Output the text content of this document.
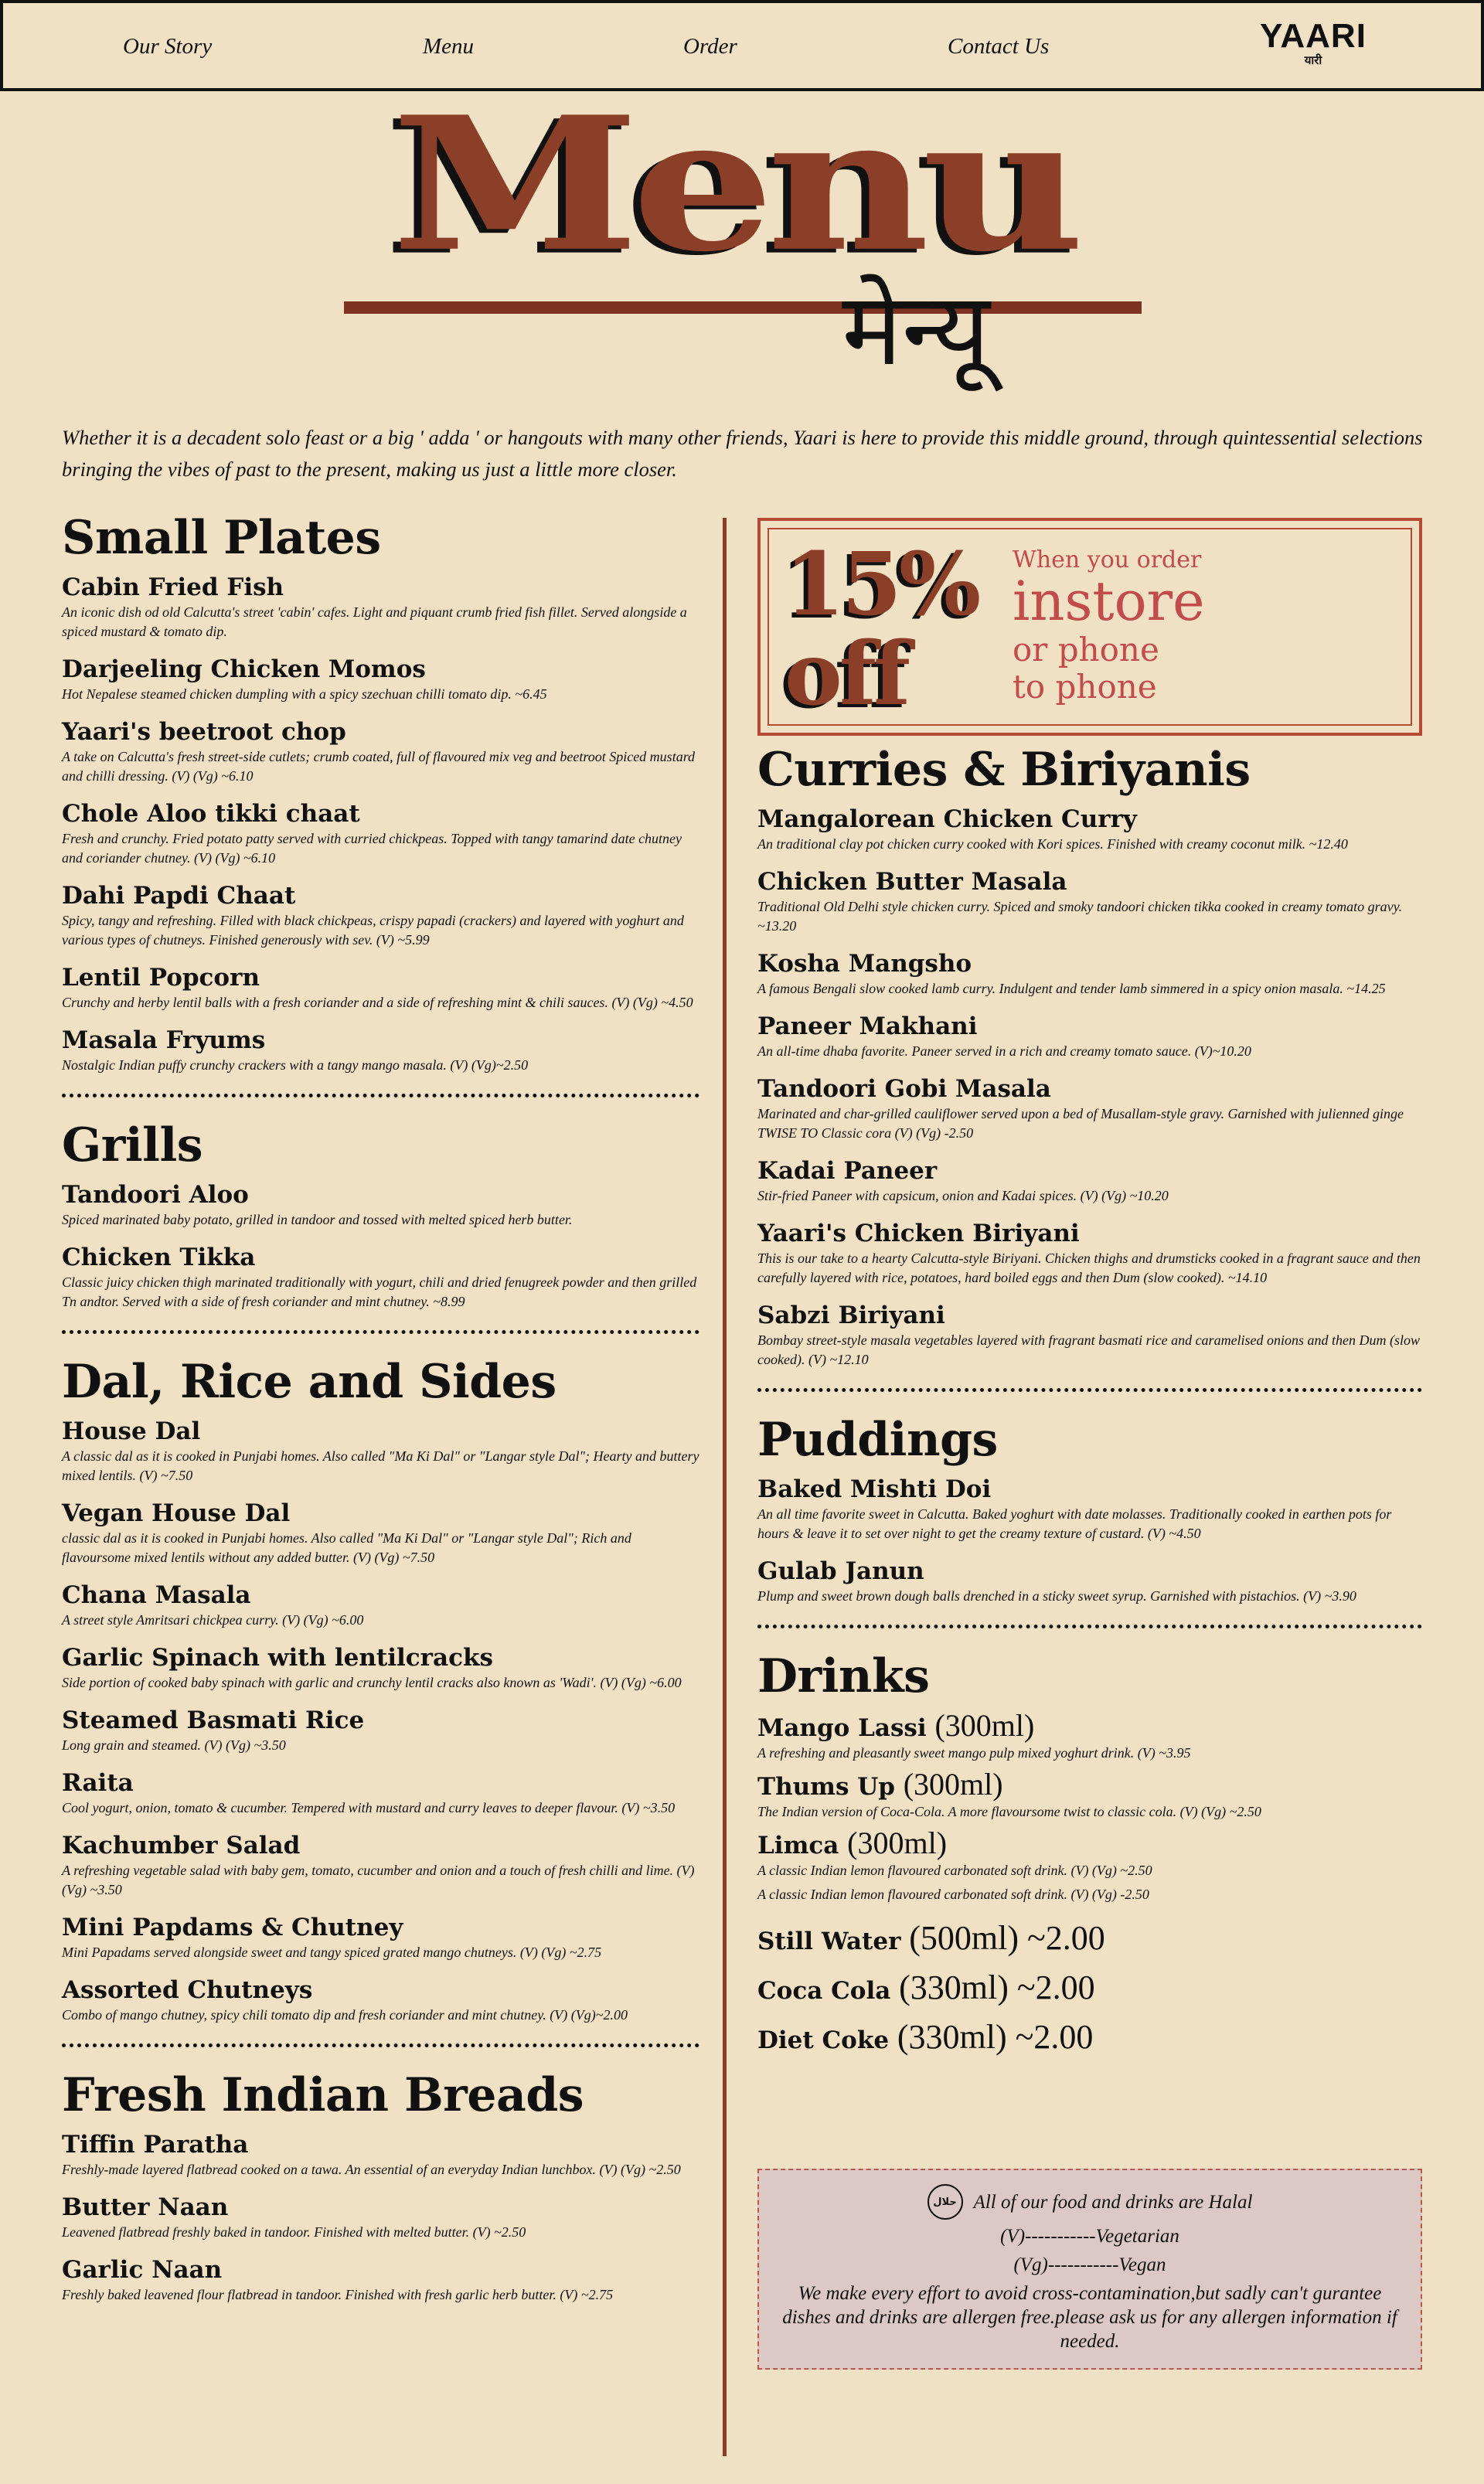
Our Story	Menu	Order	Contact Us	YAARI
यारी
Menu
मेन्यू
Whether it is a decadent solo feast or a big ' adda ' or hangouts with many other friends, Yaari is here to provide this middle ground, through quintessential selections bringing the vibes of past to the present, making us just a little more closer.
Small Plates
Cabin Fried Fish
An iconic dish od old Calcutta's street 'cabin' cafes. Light and piquant crumb fried fish fillet. Served alongside a spiced mustard & tomato dip.
Darjeeling Chicken Momos
Hot Nepalese steamed chicken dumpling with a spicy szechuan chilli tomato dip. ~6.45
Yaari's beetroot chop
A take on Calcutta's fresh street-side cutlets; crumb coated, full of flavoured mix veg and beetroot Spiced mustard and chilli dressing. (V) (Vg) ~6.10
Chole Aloo tikki chaat
Fresh and crunchy. Fried potato patty served with curried chickpeas. Topped with tangy tamarind date chutney and coriander chutney. (V) (Vg) ~6.10
Dahi Papdi Chaat
Spicy, tangy and refreshing. Filled with black chickpeas, crispy papadi (crackers) and layered with yoghurt and various types of chutneys. Finished generously with sev. (V) ~5.99
Lentil Popcorn
Crunchy and herby lentil balls with a fresh coriander and a side of refreshing mint & chili sauces. (V) (Vg) ~4.50
Masala Fryums
Nostalgic Indian puffy crunchy crackers with a tangy mango masala. (V) (Vg)~2.50
Grills
Tandoori Aloo
Spiced marinated baby potato, grilled in tandoor and tossed with melted spiced herb butter.
Chicken Tikka
Classic juicy chicken thigh marinated traditionally with yogurt, chili and dried fenugreek powder and then grilled Tn andtor. Served with a side of fresh coriander and mint chutney. ~8.99
Dal, Rice and Sides
House Dal
A classic dal as it is cooked in Punjabi homes. Also called "Ma Ki Dal" or "Langar style Dal"; Hearty and buttery mixed lentils. (V) ~7.50
Vegan House Dal
classic dal as it is cooked in Punjabi homes. Also called "Ma Ki Dal" or "Langar style Dal"; Rich and flavoursome mixed lentils without any added butter. (V) (Vg) ~7.50
Chana Masala
A street style Amritsari chickpea curry. (V) (Vg) ~6.00
Garlic Spinach with lentilcracks
Side portion of cooked baby spinach with garlic and crunchy lentil cracks also known as 'Wadi'. (V) (Vg) ~6.00
Steamed Basmati Rice
Long grain and steamed. (V) (Vg) ~3.50
Raita
Cool yogurt, onion, tomato & cucumber. Tempered with mustard and curry leaves to deeper flavour. (V) ~3.50
Kachumber Salad
A refreshing vegetable salad with baby gem, tomato, cucumber and onion and a touch of fresh chilli and lime. (V) (Vg) ~3.50
Mini Papdams & Chutney
Mini Papadams served alongside sweet and tangy spiced grated mango chutneys. (V) (Vg) ~2.75
Assorted Chutneys
Combo of mango chutney, spicy chili tomato dip and fresh coriander and mint chutney. (V) (Vg)~2.00
Fresh Indian Breads
Tiffin Paratha
Freshly-made layered flatbread cooked on a tawa. An essential of an everyday Indian lunchbox. (V) (Vg) ~2.50
Butter Naan
Leavened flatbread freshly baked in tandoor. Finished with melted butter. (V) ~2.50
Garlic Naan
Freshly baked leavened flour flatbread in tandoor. Finished with fresh garlic herb butter. (V) ~2.75
15%
off
When you order
instore
or phone
to phone
Curries & Biriyanis
Mangalorean Chicken Curry
An traditional clay pot chicken curry cooked with Kori spices. Finished with creamy coconut milk. ~12.40
Chicken Butter Masala
Traditional Old Delhi style chicken curry. Spiced and smoky tandoori chicken tikka cooked in creamy tomato gravy. ~13.20
Kosha Mangsho
A famous Bengali slow cooked lamb curry. Indulgent and tender lamb simmered in a spicy onion masala. ~14.25
Paneer Makhani
An all-time dhaba favorite. Paneer served in a rich and creamy tomato sauce. (V)~10.20
Tandoori Gobi Masala
Marinated and char-grilled cauliflower served upon a bed of Musallam-style gravy. Garnished with julienned ginge TWISE TO Classic cora (V) (Vg) -2.50
Kadai Paneer
Stir-fried Paneer with capsicum, onion and Kadai spices. (V) (Vg) ~10.20
Yaari's Chicken Biriyani
This is our take to a hearty Calcutta-style Biriyani. Chicken thighs and drumsticks cooked in a fragrant sauce and then carefully layered with rice, potatoes, hard boiled eggs and then Dum (slow cooked). ~14.10
Sabzi Biriyani
Bombay street-style masala vegetables layered with fragrant basmati rice and caramelised onions and then Dum (slow cooked). (V) ~12.10
Puddings
Baked Mishti Doi
An all time favorite sweet in Calcutta. Baked yoghurt with date molasses. Traditionally cooked in earthen pots for hours & leave it to set over night to get the creamy texture of custard. (V) ~4.50
Gulab Janun
Plump and sweet brown dough balls drenched in a sticky sweet syrup. Garnished with pistachios. (V) ~3.90
Drinks
Mango Lassi (300ml)
A refreshing and pleasantly sweet mango pulp mixed yoghurt drink. (V) ~3.95
Thums Up (300ml)
The Indian version of Coca-Cola. A more flavoursome twist to classic cola. (V) (Vg) ~2.50
Limca (300ml)
A classic Indian lemon flavoured carbonated soft drink. (V) (Vg) ~2.50
A classic Indian lemon flavoured carbonated soft drink. (V) (Vg) -2.50
Still Water (500ml) ~2.00
Coca Cola (330ml) ~2.00
Diet Coke (330ml) ~2.00
حلال All of our food and drinks are Halal

(V)-----------Vegetarian

(Vg)-----------Vegan

We make every effort to avoid cross-contamination,but sadly can't gurantee dishes and drinks are allergen free.please ask us for any allergen information if needed.
